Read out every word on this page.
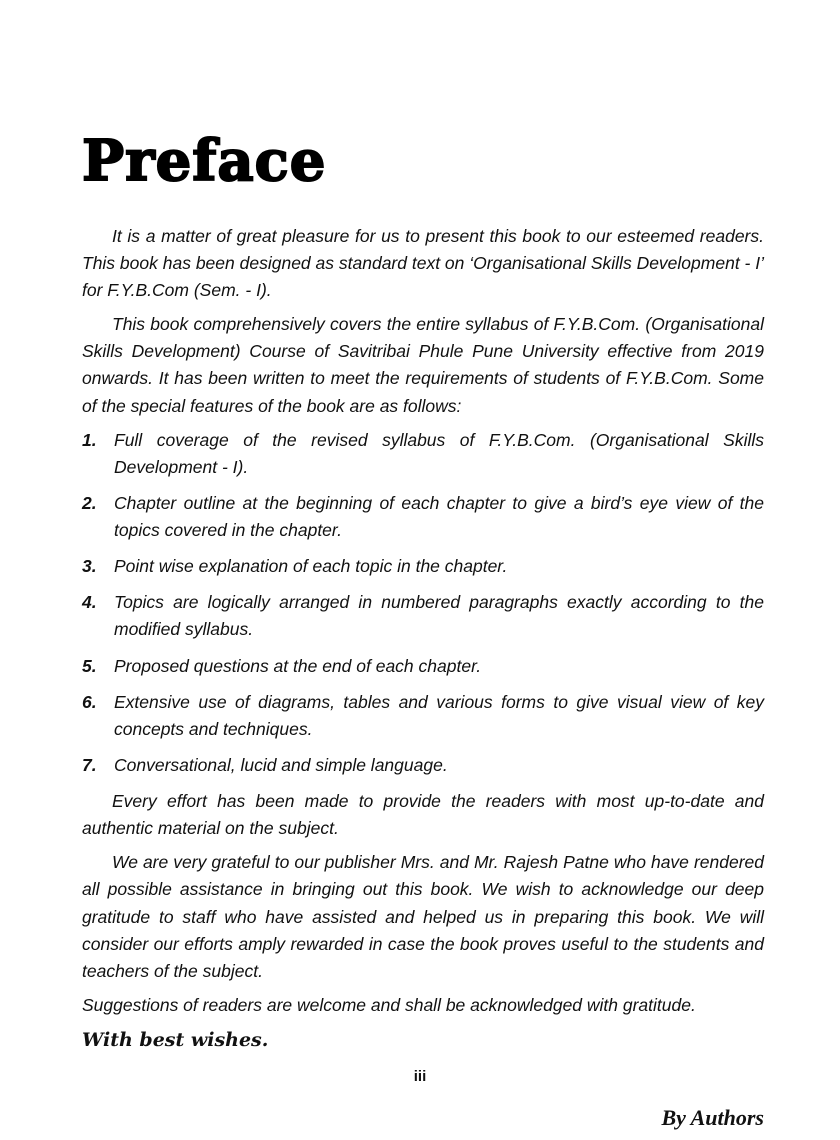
Preface

It is a matter of great pleasure for us to present this book to our esteemed readers. This book has been designed as standard text on ‘Organisational Skills Development - I’ for F.Y.B.Com (Sem. - I).

This book comprehensively covers the entire syllabus of F.Y.B.Com. (Organisational Skills Development) Course of Savitribai Phule Pune University effective from 2019 onwards. It has been written to meet the requirements of students of F.Y.B.Com. Some of the special features of the book are as follows:

1. Full coverage of the revised syllabus of F.Y.B.Com. (Organisational Skills Development - I).
2. Chapter outline at the beginning of each chapter to give a bird’s eye view of the topics covered in the chapter.
3. Point wise explanation of each topic in the chapter.
4. Topics are logically arranged in numbered paragraphs exactly according to the modified syllabus.
5. Proposed questions at the end of each chapter.
6. Extensive use of diagrams, tables and various forms to give visual view of key concepts and techniques.
7. Conversational, lucid and simple language.

Every effort has been made to provide the readers with most up-to-date and authentic material on the subject.

We are very grateful to our publisher Mrs. and Mr. Rajesh Patne who have rendered all possible assistance in bringing out this book. We wish to acknowledge our deep gratitude to staff who have assisted and helped us in preparing this book. We will consider our efforts amply rewarded in case the book proves useful to the students and teachers of the subject.

Suggestions of readers are welcome and shall be acknowledged with gratitude.

With best wishes.

By Authors
iii
